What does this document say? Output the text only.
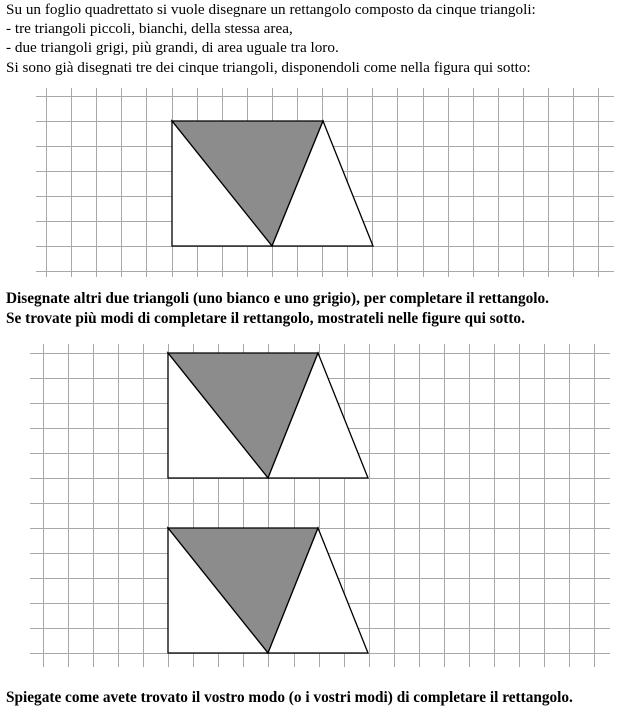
Su un foglio quadrettato si vuole disegnare un rettangolo composto da cinque triangoli:
- tre triangoli piccoli, bianchi, della stessa area,
- due triangoli grigi, più grandi, di area uguale tra loro.
Si sono già disegnati tre dei cinque triangoli, disponendoli come nella figura qui sotto:
Disegnate altri due triangoli (uno bianco e uno grigio), per completare il rettangolo.
Se trovate più modi di completare il rettangolo, mostrateli nelle figure qui sotto.
Spiegate come avete trovato il vostro modo (o i vostri modi) di completare il rettangolo.
